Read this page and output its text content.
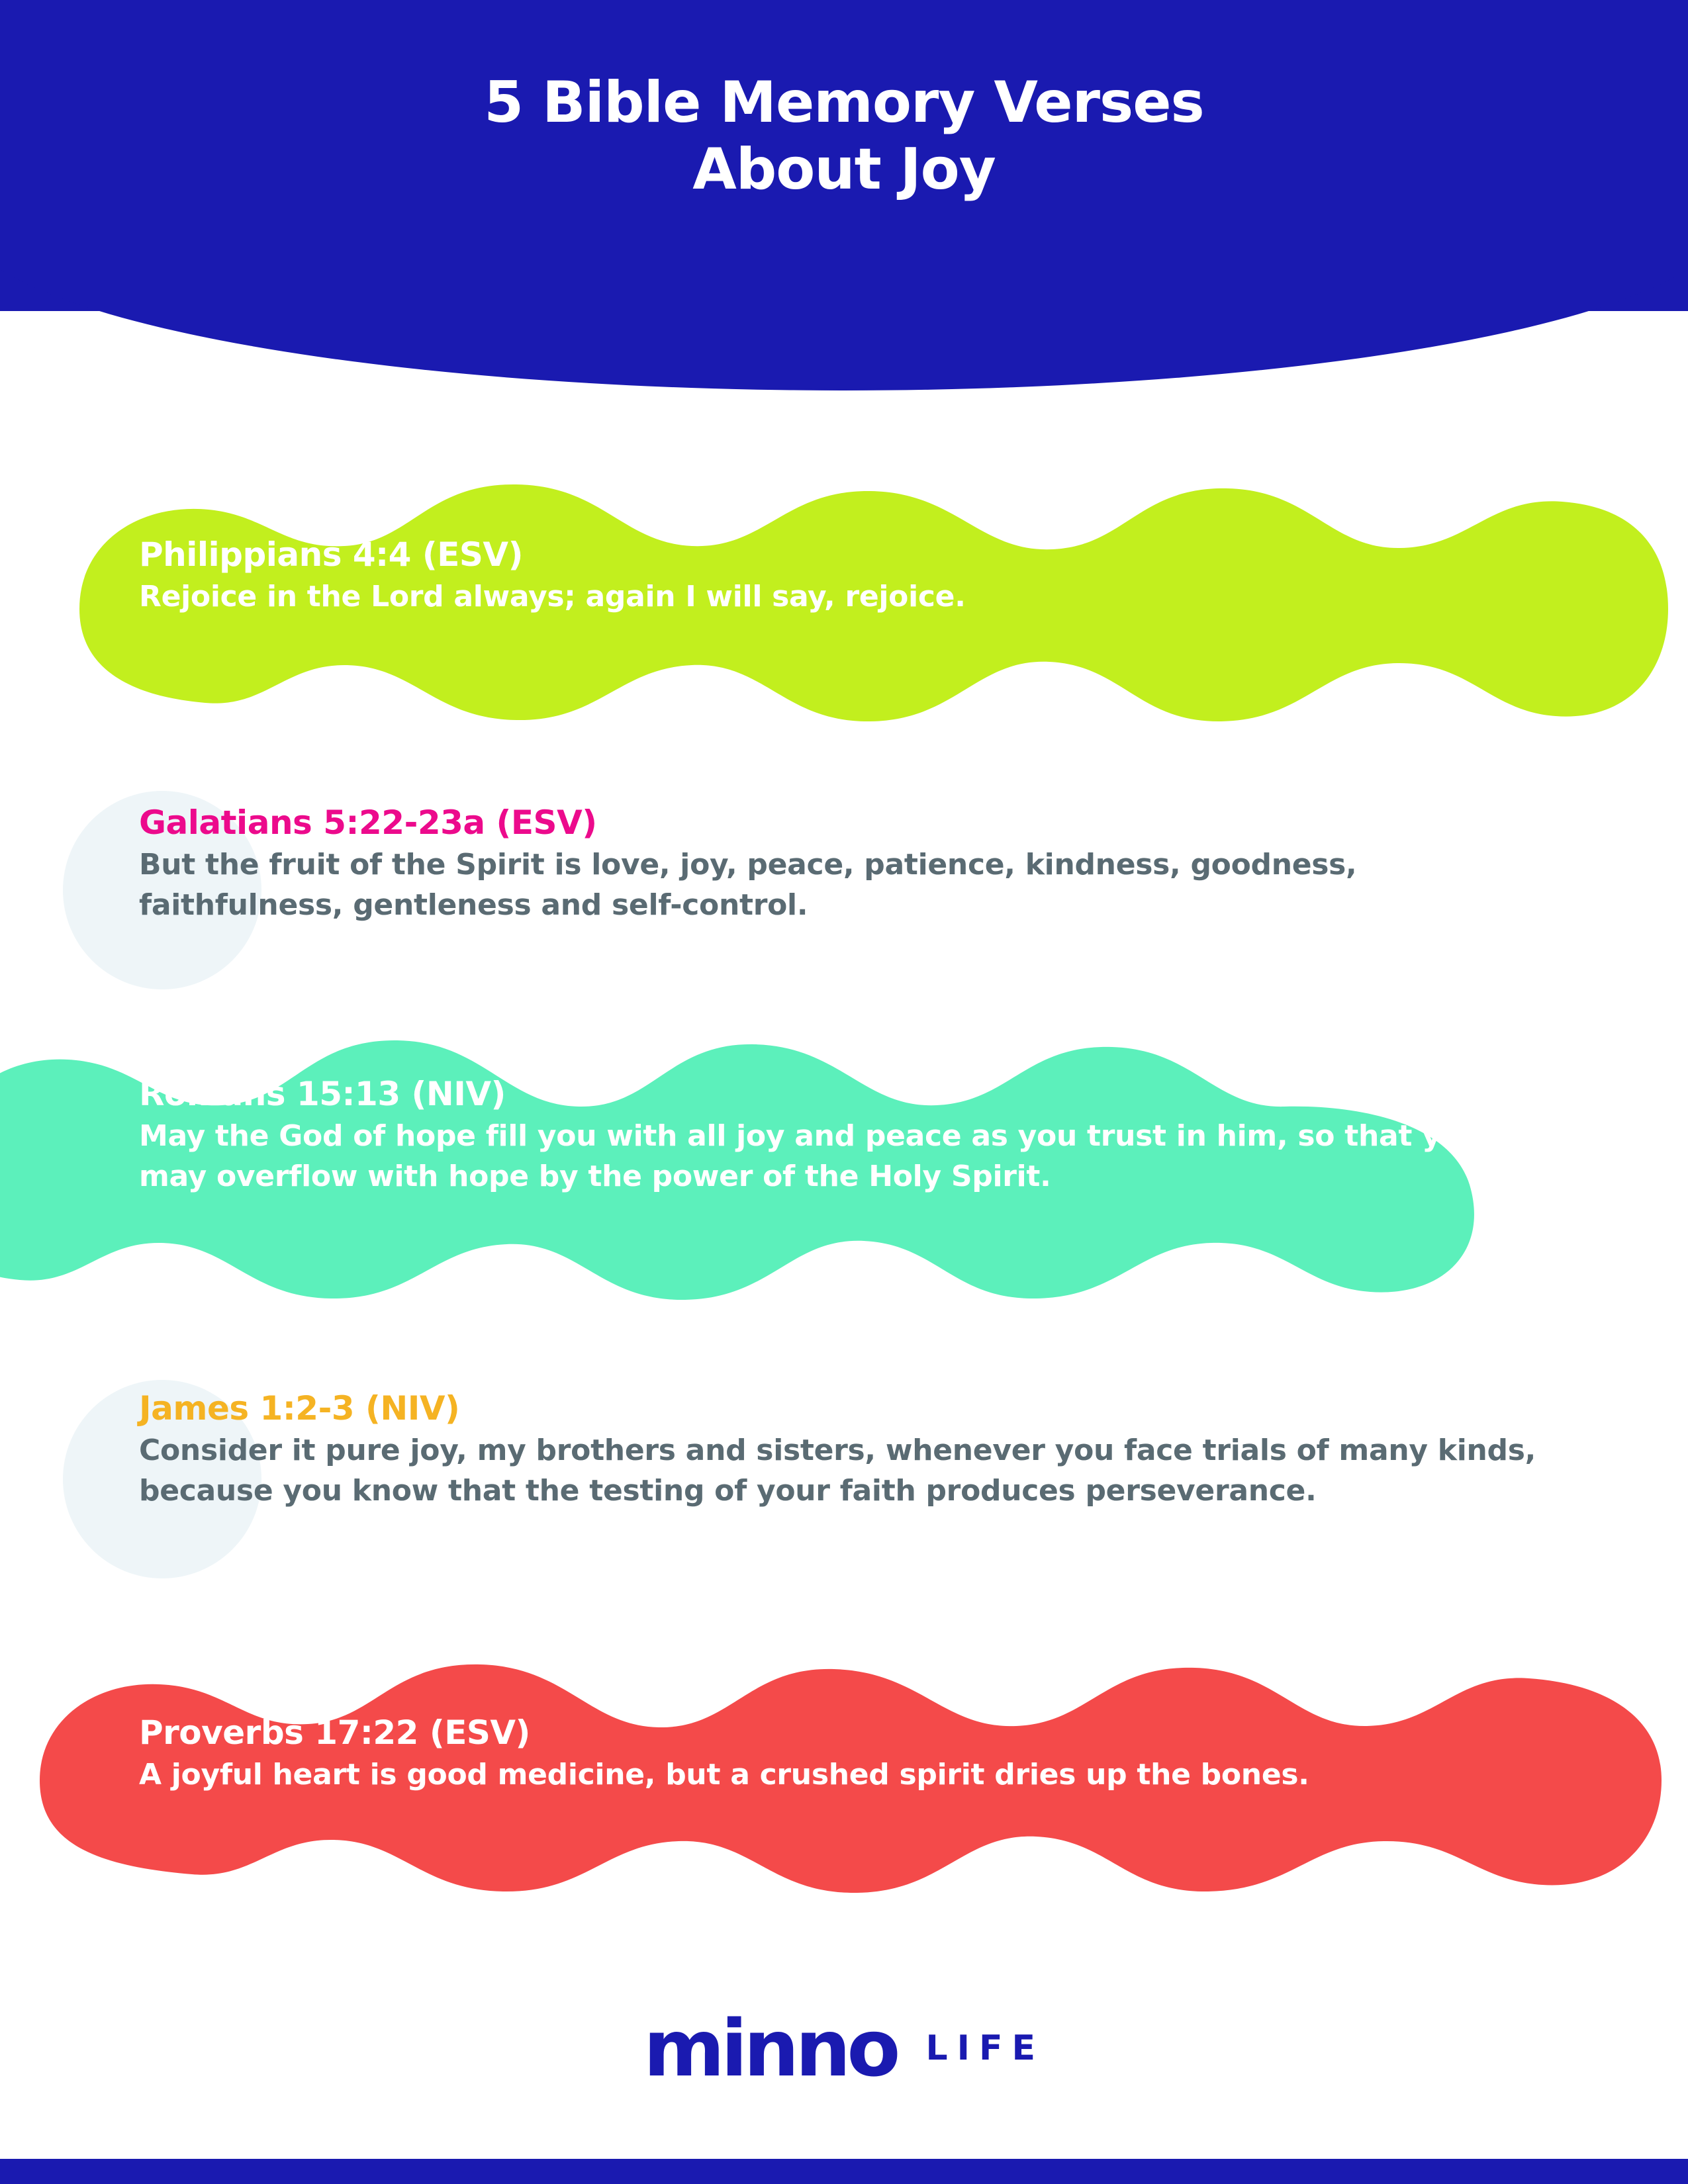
5 Bible Memory Verses
About Joy

Philippians 4:4 (ESV)

Rejoice in the Lord always; again I will say, rejoice.

Galatians 5:22-23a (ESV)

But the fruit of the Spirit is love, joy, peace, patience, kindness, goodness, faithfulness, gentleness and self-control.

Romans 15:13 (NIV)

May the God of hope fill you with all joy and peace as you trust in him, so that you may overflow with hope by the power of the Holy Spirit.

James 1:2-3 (NIV)

Consider it pure joy, my brothers and sisters, whenever you face trials of many kinds, because you know that the testing of your faith produces perseverance.

Proverbs 17:22 (ESV)

A joyful heart is good medicine, but a crushed spirit dries up the bones.

minno LIFE
